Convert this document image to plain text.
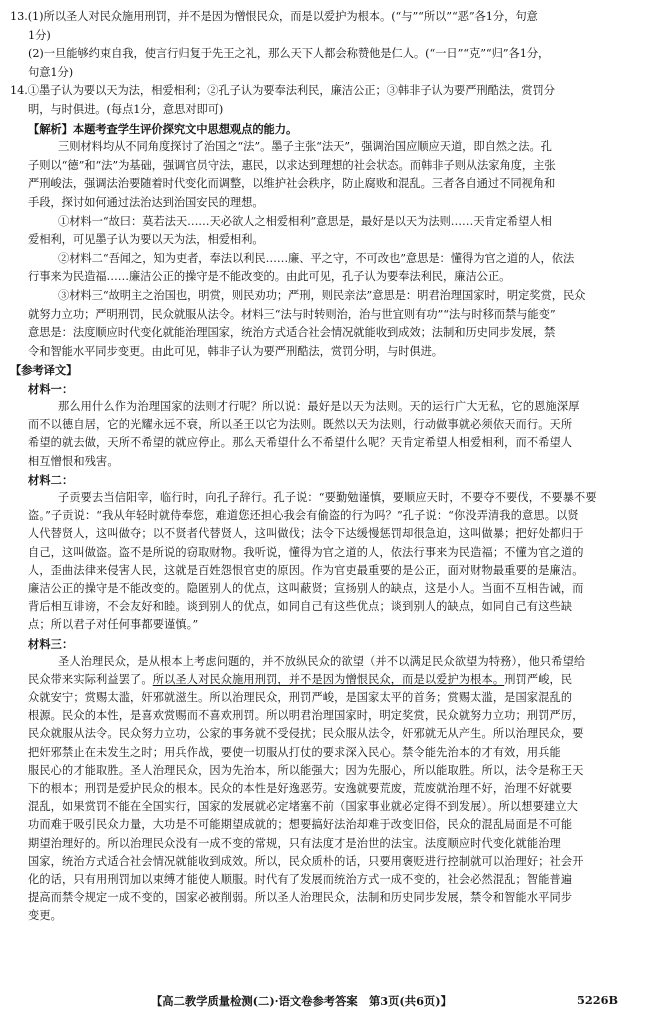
13.(1)所以圣人对民众施用刑罚，并不是因为憎恨民众，而是以爱护为根本。(“与”“所以”“恶”各1分，句意
1分)
(2)一旦能够约束自我，使言行归复于先王之礼，那么天下人都会称赞他是仁人。(“一日”“克”“归”各1分，
句意1分)
14.①墨子认为要以天为法，相爱相利；②孔子认为要奉法利民，廉洁公正；③韩非子认为要严刑酷法，赏罚分
明，与时俱进。(每点1分，意思对即可)
【解析】本题考查学生评价探究文中思想观点的能力。
三则材料均从不同角度探讨了治国之“法”。墨子主张“法天”，强调治国应顺应天道，即自然之法。孔
子则以“德”和“法”为基础，强调官员守法，惠民，以求达到理想的社会状态。而韩非子则从法家角度，主张
严刑峻法，强调法治要随着时代变化而调整，以维护社会秩序，防止腐败和混乱。三者各自通过不同视角和
手段，探讨如何通过法治达到治国安民的理想。
①材料一“故曰：莫若法天……天必欲人之相爱相利”意思是，最好是以天为法则……天肯定希望人相
爱相利，可见墨子认为要以天为法，相爱相利。
②材料二“吾闻之，知为吏者，奉法以利民……廉、平之守，不可改也”意思是：懂得为官之道的人，依法
行事来为民造福……廉洁公正的操守是不能改变的。由此可见，孔子认为要奉法利民，廉洁公正。
③材料三“故明主之治国也，明赏，则民劝功；严刑，则民亲法”意思是：明君治理国家时，明定奖赏，民众
就努力立功；严明刑罚，民众就服从法令。材料三“法与时转则治，治与世宜则有功”“法与时移而禁与能变”
意思是：法度顺应时代变化就能治理国家，统治方式适合社会情况就能收到成效；法制和历史同步发展，禁
令和智能水平同步变更。由此可见，韩非子认为要严刑酷法，赏罚分明，与时俱进。
【参考译文】
材料一：
那么用什么作为治理国家的法则才行呢？所以说：最好是以天为法则。天的运行广大无私，它的恩施深厚
而不以德自居，它的光耀永远不衰，所以圣王以它为法则。既然以天为法则，行动做事就必须依天而行。天所
希望的就去做，天所不希望的就应停止。那么天希望什么不希望什么呢？天肯定希望人相爱相利，而不希望人
相互憎恨和残害。
材料二：
子贡要去当信阳宰，临行时，向孔子辞行。孔子说：“要勤勉谨慎，要顺应天时，不要夺不要伐，不要暴不要
盗。”子贡说：“我从年轻时就侍奉您，难道您还担心我会有偷盗的行为吗？”孔子说：“你没弄清我的意思。以贤
人代替贤人，这叫做夺；以不贤者代替贤人，这叫做伐；法令下达缓慢惩罚却很急迫，这叫做暴；把好处都归于
自己，这叫做盗。盗不是所说的窃取财物。我听说，懂得为官之道的人，依法行事来为民造福；不懂为官之道的
人，歪曲法律来侵害人民，这就是百姓怨恨官吏的原因。作为官吏最重要的是公正，面对财物最重要的是廉洁。
廉洁公正的操守是不能改变的。隐匿别人的优点，这叫蔽贤；宣扬别人的缺点，这是小人。当面不互相告诫，而
背后相互诽谤，不会友好和睦。谈到别人的优点，如同自己有这些优点；谈到别人的缺点，如同自己有这些缺
点；所以君子对任何事都要谨慎。”
材料三：
圣人治理民众，是从根本上考虑问题的，并不放纵民众的欲望（并不以满足民众欲望为特務），他只希望给
民众带来实际利益罢了。所以圣人对民众施用刑罚，并不是因为憎恨民众，而是以爱护为根本。刑罚严峻，民
众就安宁；赏赐太滥，奸邪就滋生。所以治理民众，刑罚严峻，是国家太平的首务；赏赐太滥，是国家混乱的
根源。民众的本性，是喜欢赏赐而不喜欢刑罚。所以明君治理国家时，明定奖赏，民众就努力立功；刑罚严厉，
民众就服从法令。民众努力立功，公家的事务就不受侵扰；民众服从法令，奸邪就无从产生。所以治理民众，要
把奸邪禁止在未发生之时；用兵作战，要使一切服从打仗的要求深入民心。禁令能先治本的才有效，用兵能
服民心的才能取胜。圣人治理民众，因为先治本，所以能强大；因为先服心，所以能取胜。所以，法令是称王天
下的根本；刑罚是爱护民众的根本。民众的本性是好逸恶劳。安逸就要荒废，荒废就治理不好，治理不好就要
混乱，如果赏罚不能在全国实行，国家的发展就必定堵塞不前（国家事业就必定得不到发展）。所以想要建立大
功而难于吸引民众力量，大功是不可能期望成就的；想要搞好法治却难于改变旧俗，民众的混乱局面是不可能
期望治理好的。所以治理民众没有一成不变的常规，只有法度才是治世的法宝。法度顺应时代变化就能治理
国家，统治方式适合社会情况就能收到成效。所以，民众质朴的话，只要用褒贬进行控制就可以治理好；社会开
化的话，只有用刑罚加以束缚才能使人顺服。时代有了发展而统治方式一成不变的，社会必然混乱；智能普遍
提高而禁令规定一成不变的，国家必被削弱。所以圣人治理民众，法制和历史同步发展，禁令和智能水平同步
变更。
【高二教学质量检测(二)·语文卷参考答案　第3页(共6页)】	5226B
